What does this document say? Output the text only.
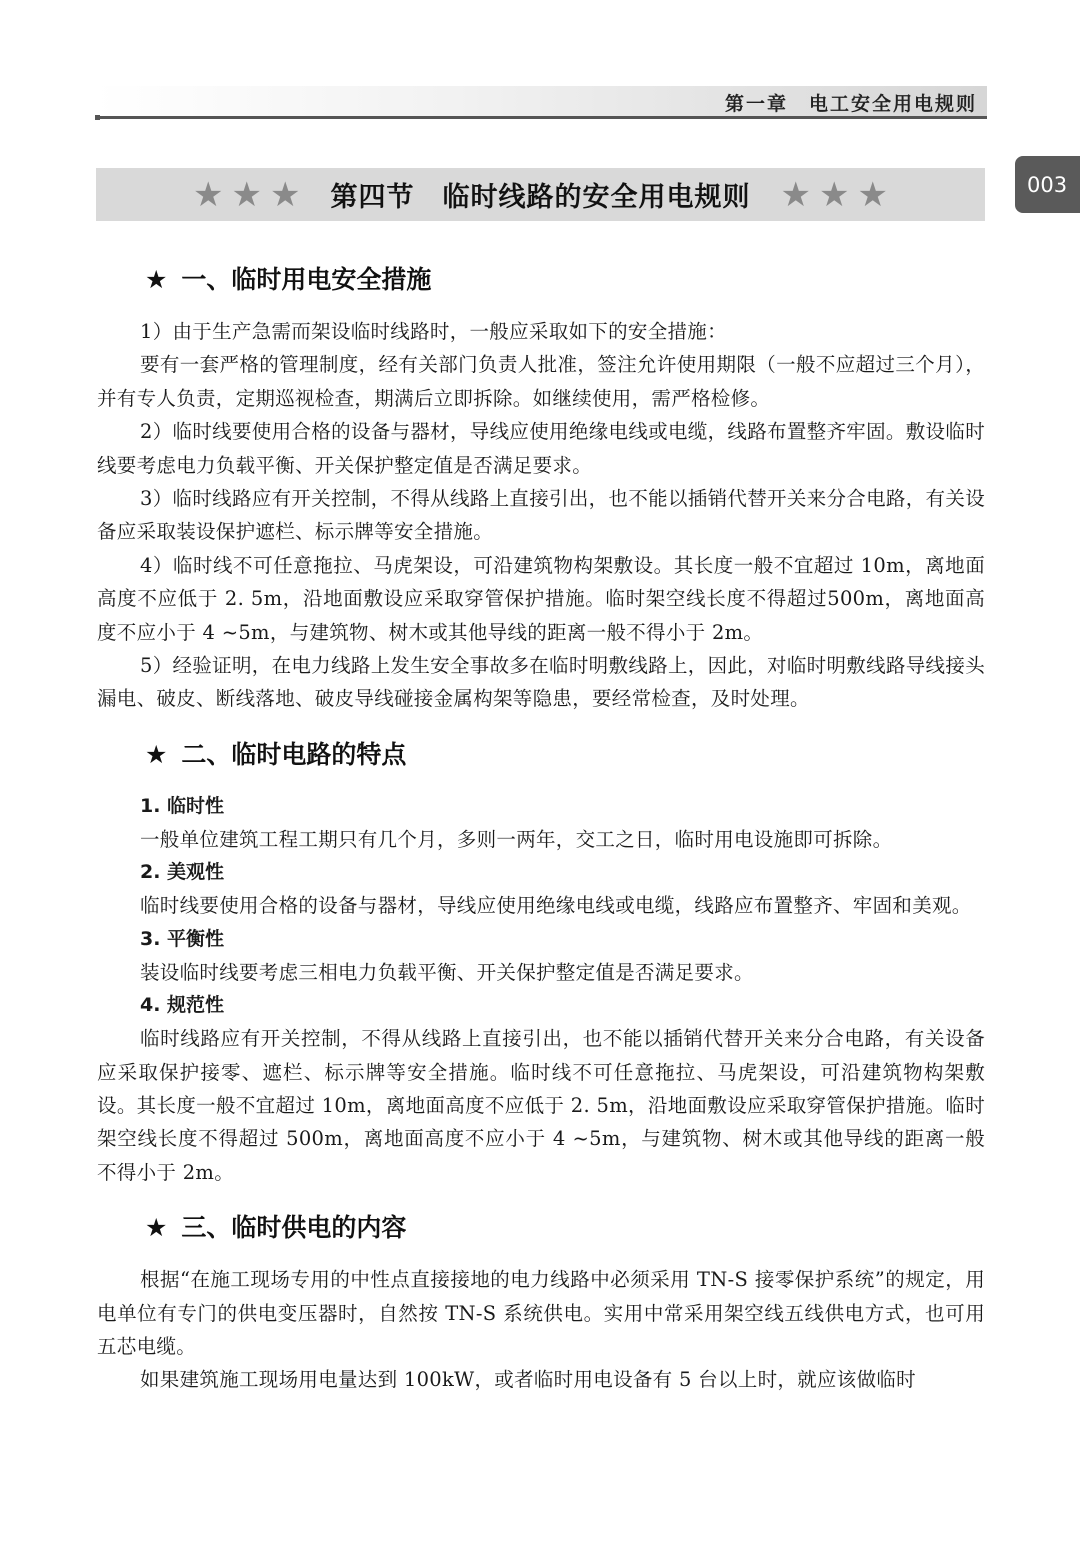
第一章　电工安全用电规则
003
★ ★ ★ 第四节　临时线路的安全用电规则 ★ ★ ★
★ 一、临时用电安全措施

1）由于生产急需而架设临时线路时，一般应采取如下的安全措施：

要有一套严格的管理制度，经有关部门负责人批准，签注允许使用期限（一般不应超过三个月），并有专人负责，定期巡视检查，期满后立即拆除。如继续使用，需严格检修。

2）临时线要使用合格的设备与器材，导线应使用绝缘电线或电缆，线路布置整齐牢固。敷设临时线要考虑电力负载平衡、开关保护整定值是否满足要求。

3）临时线路应有开关控制，不得从线路上直接引出，也不能以插销代替开关来分合电路，有关设备应采取装设保护遮栏、标示牌等安全措施。

4）临时线不可任意拖拉、马虎架设，可沿建筑物构架敷设。其长度一般不宜超过 10m，离地面高度不应低于 2. 5m，沿地面敷设应采取穿管保护措施。临时架空线长度不得超过500m，离地面高度不应小于 4 ~5m，与建筑物、树木或其他导线的距离一般不得小于 2m。

5）经验证明，在电力线路上发生安全事故多在临时明敷线路上，因此，对临时明敷线路导线接头漏电、破皮、断线落地、破皮导线碰接金属构架等隐患，要经常检查，及时处理。

★ 二、临时电路的特点
1. 临时性

一般单位建筑工程工期只有几个月，多则一两年，交工之日，临时用电设施即可拆除。

2. 美观性

临时线要使用合格的设备与器材，导线应使用绝缘电线或电缆，线路应布置整齐、牢固和美观。

3. 平衡性

装设临时线要考虑三相电力负载平衡、开关保护整定值是否满足要求。

4. 规范性

临时线路应有开关控制，不得从线路上直接引出，也不能以插销代替开关来分合电路，有关设备应采取保护接零、遮栏、标示牌等安全措施。临时线不可任意拖拉、马虎架设，可沿建筑物构架敷设。其长度一般不宜超过 10m，离地面高度不应低于 2. 5m，沿地面敷设应采取穿管保护措施。临时架空线长度不得超过 500m，离地面高度不应小于 4 ~5m，与建筑物、树木或其他导线的距离一般不得小于 2m。

★ 三、临时供电的内容

根据“在施工现场专用的中性点直接接地的电力线路中必须采用 TN-S 接零保护系统”的规定，用电单位有专门的供电变压器时，自然按 TN-S 系统供电。实用中常采用架空线五线供电方式，也可用五芯电缆。

如果建筑施工现场用电量达到 100kW，或者临时用电设备有 5 台以上时，就应该做临时
